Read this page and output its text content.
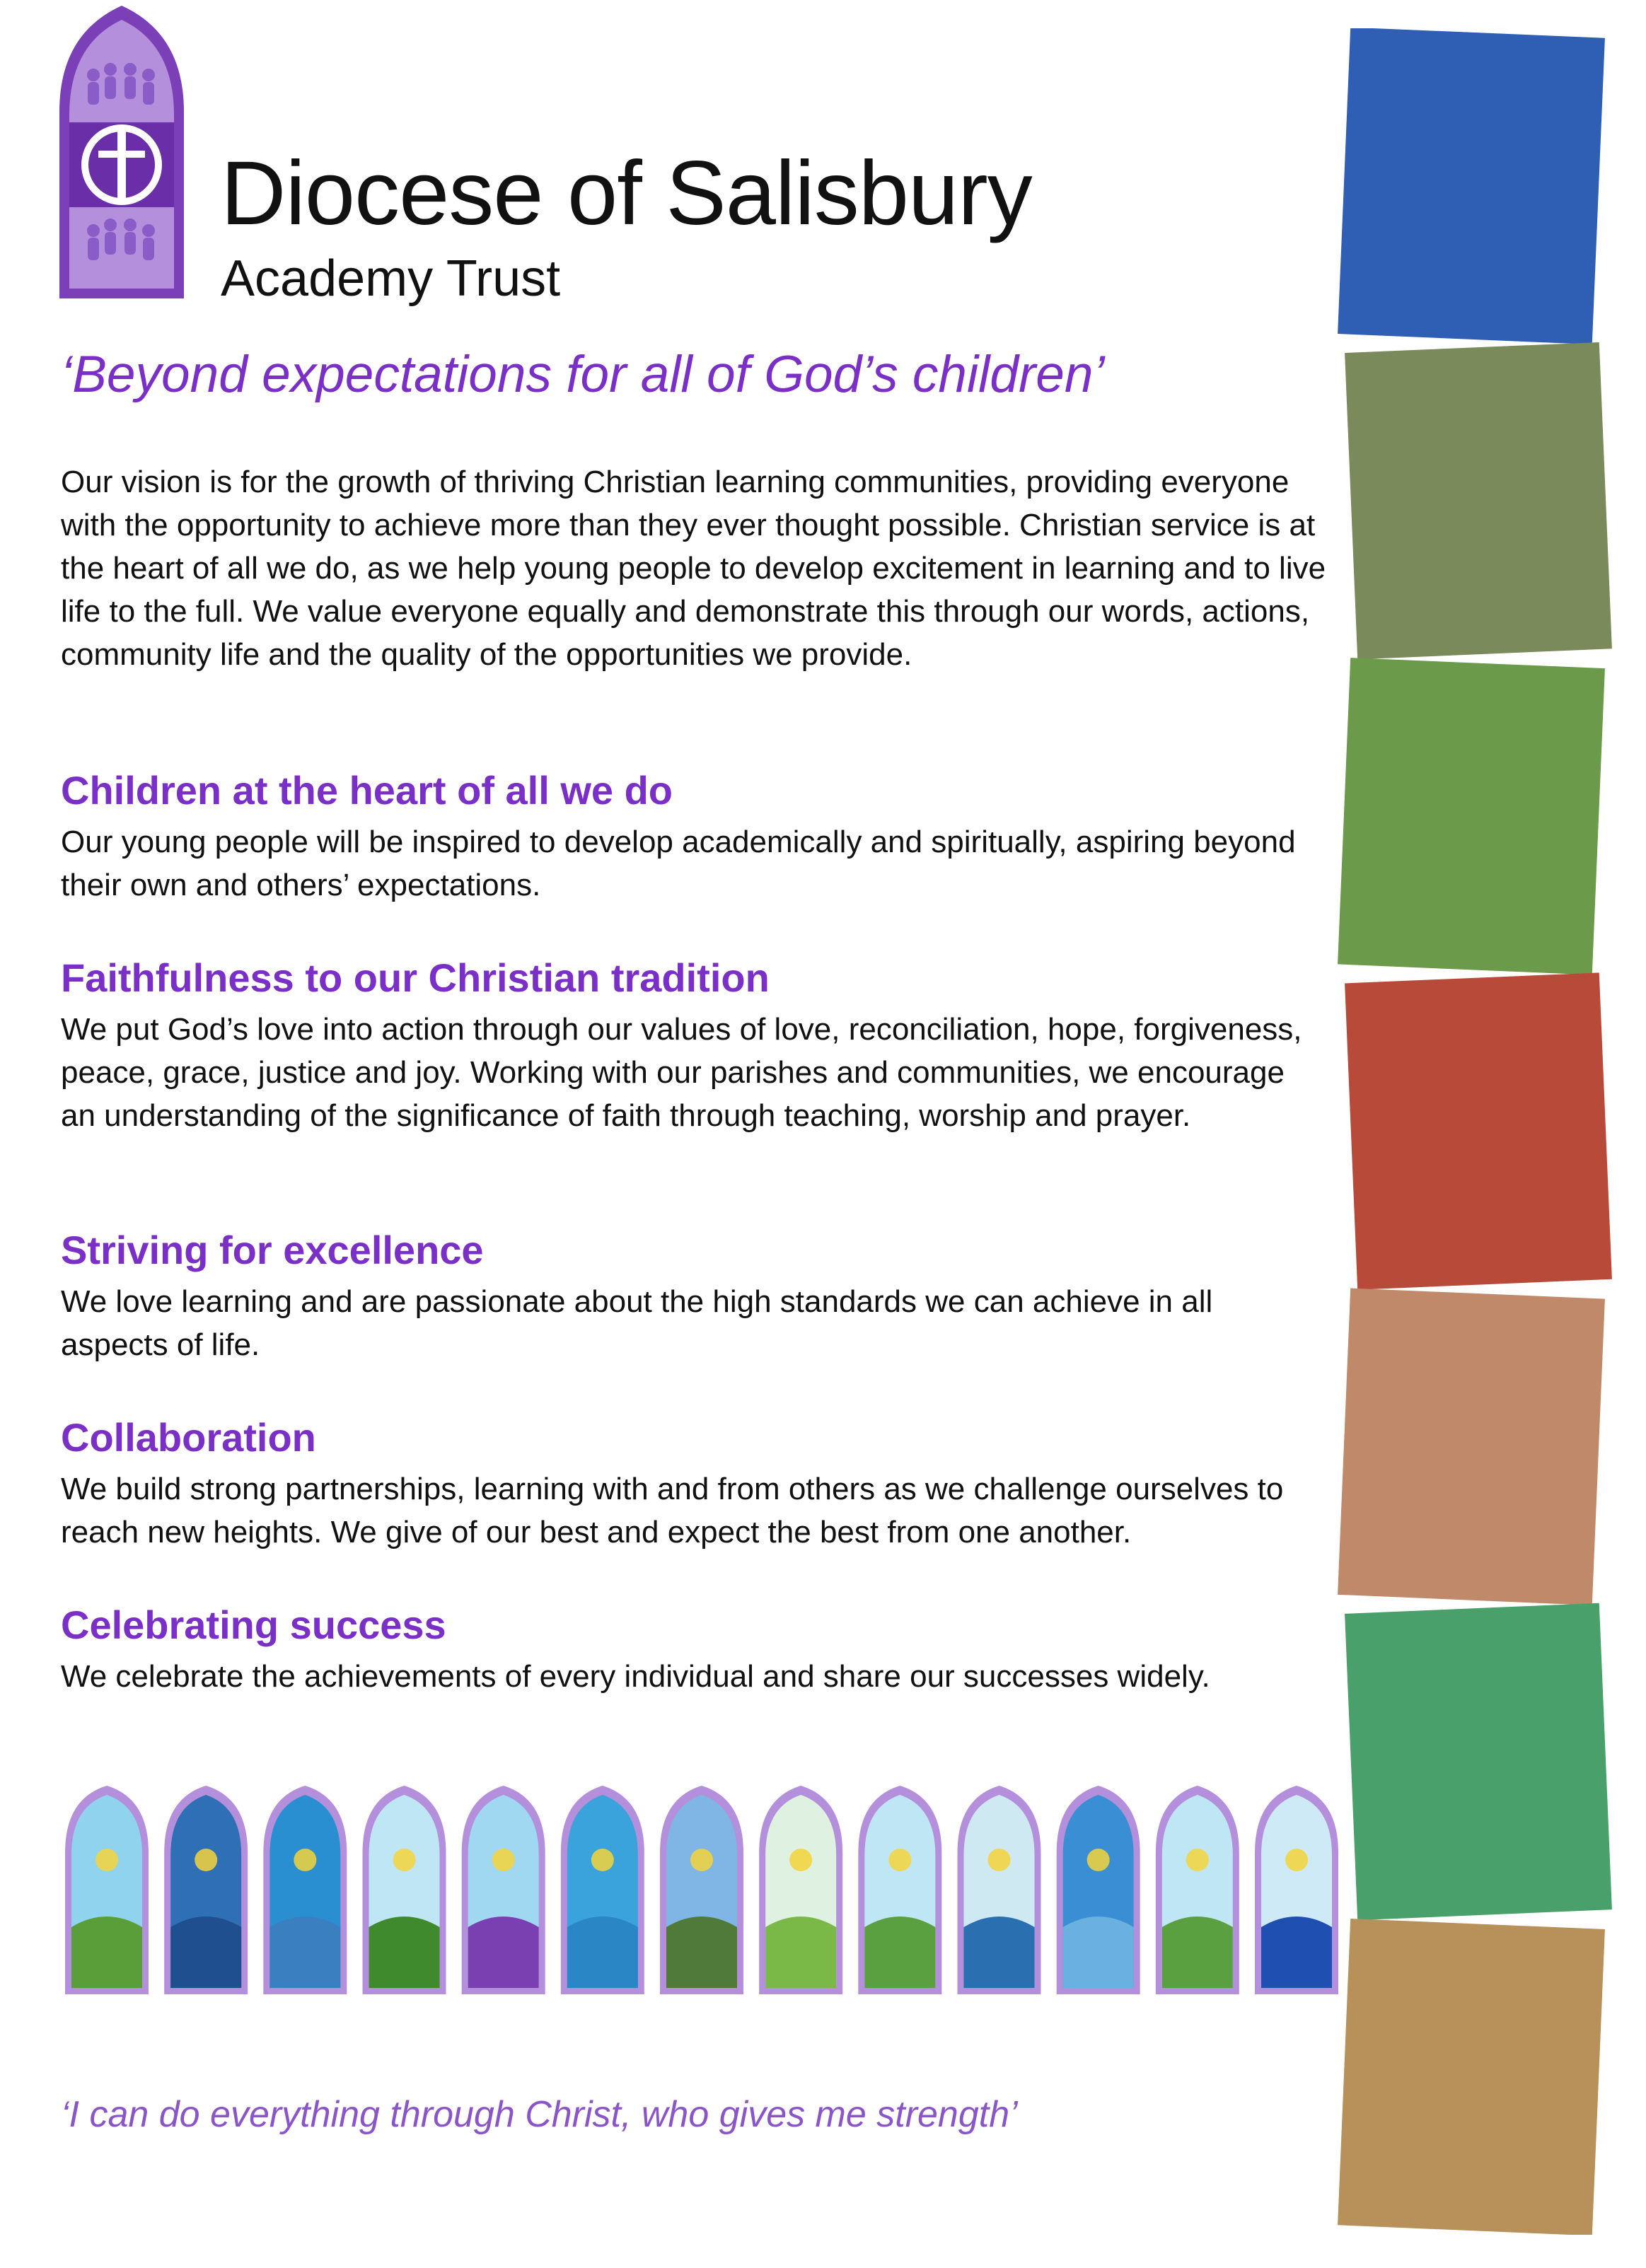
Diocese of Salisbury
Academy Trust
‘Beyond expectations for all of God’s children’

Our vision is for the growth of thriving Christian learning communities, providing everyone with the opportunity to achieve more than they ever thought possible. Christian service is at the heart of all we do, as we help young people to develop excitement in learning and to live life to the full. We value everyone equally and demonstrate this through our words, actions, community life and the quality of the opportunities we provide.

Children at the heart of all we do

Our young people will be inspired to develop academically and spiritually, aspiring beyond their own and others’ expectations.

Faithfulness to our Christian tradition

We put God’s love into action through our values of love, reconciliation, hope, forgiveness, peace, grace, justice and joy. Working with our parishes and communities, we encourage an understanding of the significance of faith through teaching, worship and prayer.

Striving for excellence

We love learning and are passionate about the high standards we can achieve in all aspects of life.

Collaboration

We build strong partnerships, learning with and from others as we challenge ourselves to reach new heights. We give of our best and expect the best from one another.

Celebrating success

We celebrate the achievements of every individual and share our successes widely.

‘I can do everything through Christ, who gives me strength’
